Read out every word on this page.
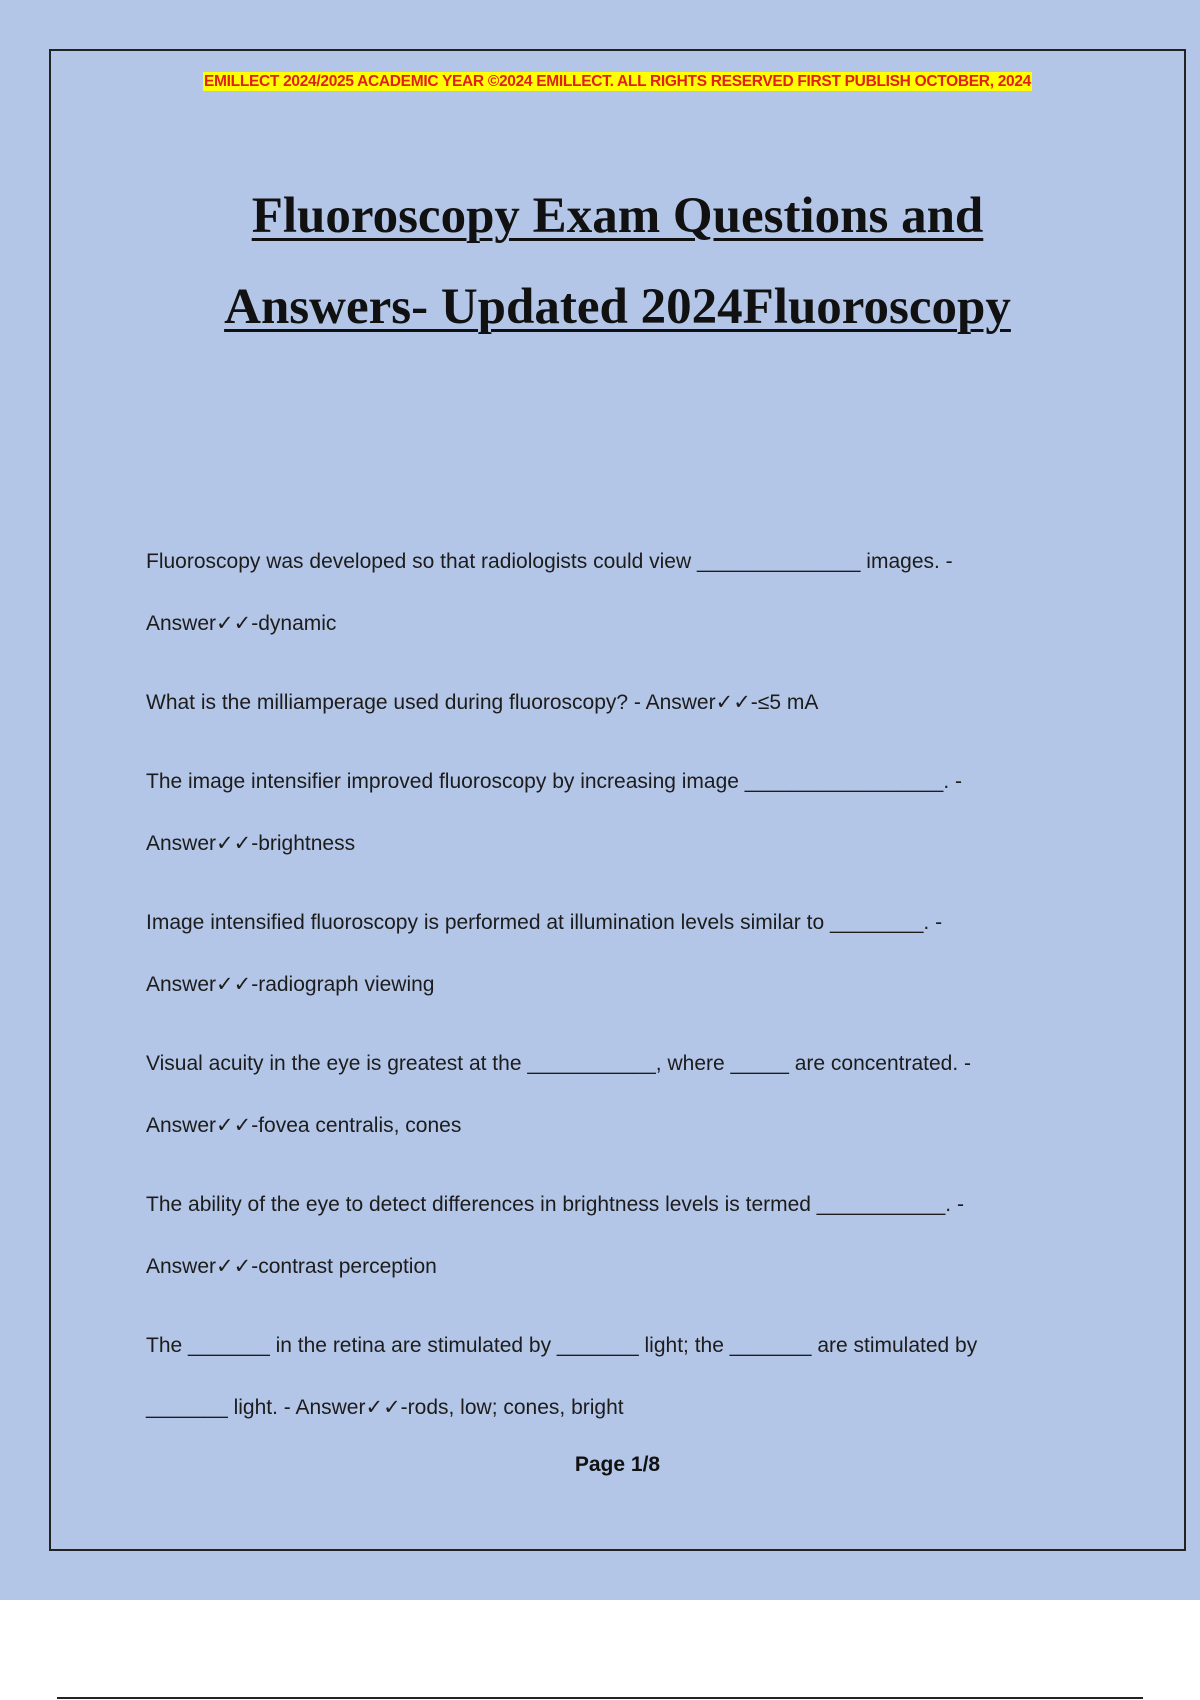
EMILLECT 2024/2025 ACADEMIC YEAR ©2024 EMILLECT. ALL RIGHTS RESERVED FIRST PUBLISH OCTOBER, 2024
Fluoroscopy Exam Questions and
Answers- Updated 2024Fluoroscopy

Fluoroscopy was developed so that radiologists could view ______________ images. -

Answer✓✓-dynamic

What is the milliamperage used during fluoroscopy? - Answer✓✓-≤5 mA

The image intensifier improved fluoroscopy by increasing image _________________. -

Answer✓✓-brightness

Image intensified fluoroscopy is performed at illumination levels similar to ________. -

Answer✓✓-radiograph viewing

Visual acuity in the eye is greatest at the ___________, where _____ are concentrated. -

Answer✓✓-fovea centralis, cones

The ability of the eye to detect differences in brightness levels is termed ___________. -

Answer✓✓-contrast perception

The _______ in the retina are stimulated by _______ light; the _______ are stimulated by

_______ light. - Answer✓✓-rods, low; cones, bright

Page 1/8
